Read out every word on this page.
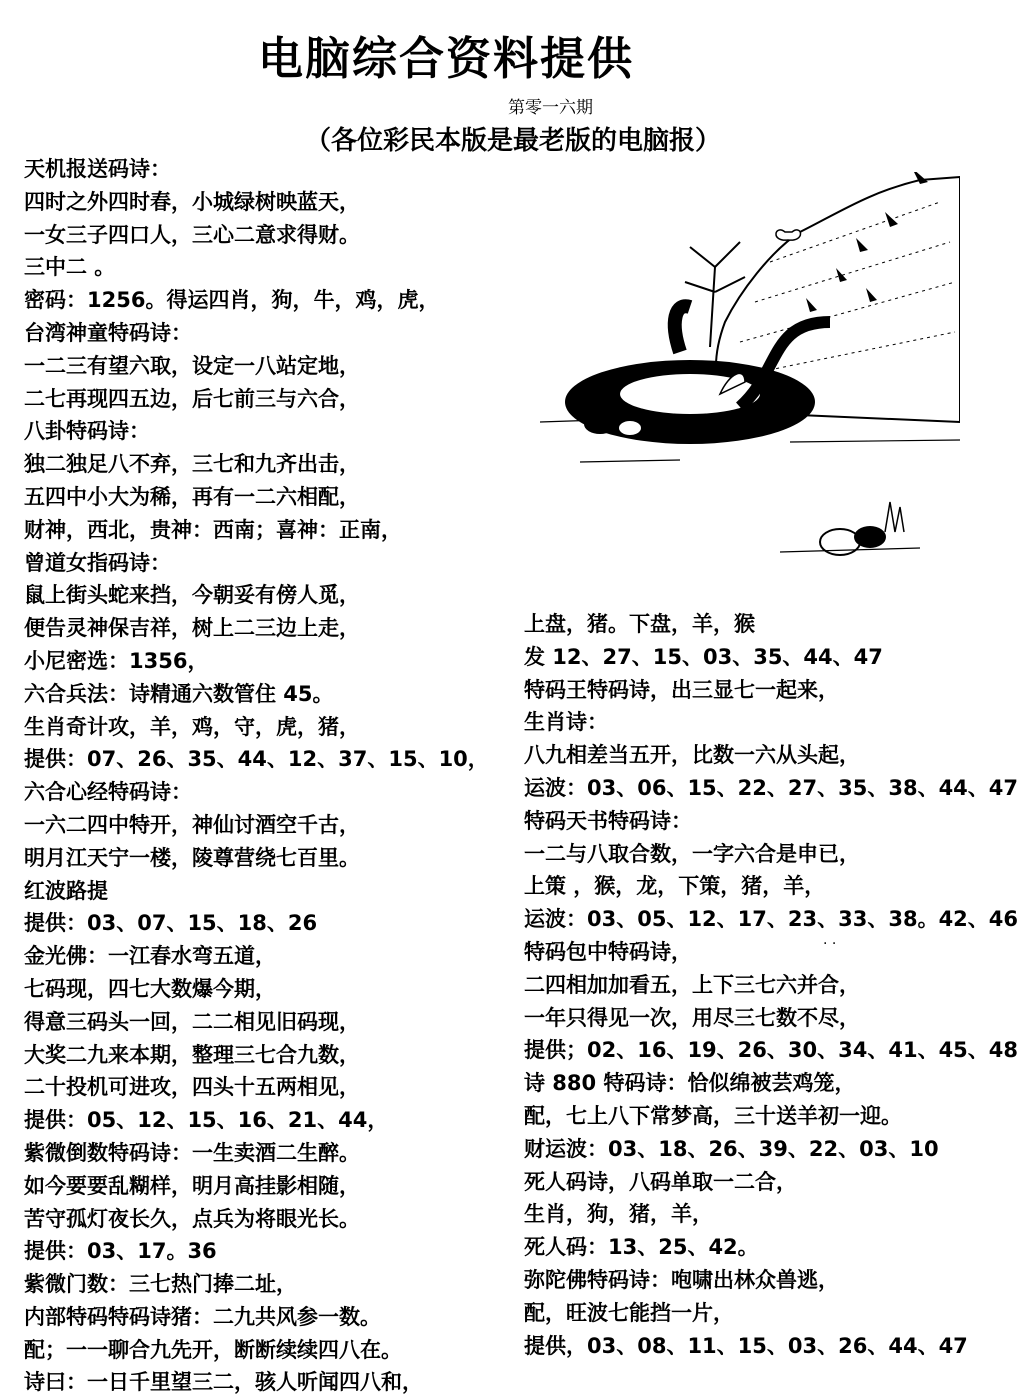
电脑综合资料提供
第零一六期
（各位彩民本版是最老版的电脑报）
天机报送码诗：
四时之外四时春，小城绿树映蓝天，
一女三子四口人，三心二意求得财。
三中二 。
密码：1256。得运四肖，狗，牛，鸡，虎，
台湾神童特码诗：
一二三有望六取，设定一八站定地，
二七再现四五边，后七前三与六合，
八卦特码诗：
独二独足八不弃，三七和九齐出击，
五四中小大为稀，再有一二六相配，
财神，西北，贵神：西南；喜神：正南，
曾道女指码诗：
鼠上街头蛇来挡，今朝妥有傍人觅，
便告灵神保吉祥，树上二三边上走，
小尼密选：1356，
六合兵法：诗精通六数管住 45。
生肖奇计攻，羊，鸡，守，虎，猪，
提供：07、26、35、44、12、37、15、10，
六合心经特码诗：
一六二四中特开，神仙讨酒空千古，
明月江天宁一楼，陵尊营绕七百里。
红波路提
提供：03、07、15、18、26
金光佛：一江春水弯五道，
七码现，四七大数爆今期，
得意三码头一回，二二相见旧码现，
大奖二九来本期，整理三七合九数，
二十投机可进攻，四头十五两相见，
提供：05、12、15、16、21、44，
紫微倒数特码诗：一生卖酒二生醉。
如今要要乱糊样，明月高挂影相随，
苦守孤灯夜长久，点兵为将眼光长。
提供：03、17。36
紫微门数：三七热门捧二址，
内部特码特码诗猪：二九共风参一数。
配；一一聊合九先开，断断续续四八在。
诗曰：一日千里望三二，骇人听闻四八和，
上盘，猪。下盘，羊，猴
发 12、27、15、03、35、44、47
特码王特码诗，出三显七一起来，
生肖诗：
八九相差当五开，比数一六从头起，
运波：03、06、15、22、27、35、38、44、47
特码天书特码诗：
一二与八取合数，一字六合是申已，
上策 ，猴，龙，下策，猪，羊，
运波：03、05、12、17、23、33、38。42、46
特码包中特码诗，
二四相加加看五，上下三七六并合，
一年只得见一次，用尽三七数不尽，
提供；02、16、19、26、30、34、41、45、48
诗 880 特码诗：恰似绵被芸鸡笼，
配，七上八下常梦高，三十送羊初一迎。
财运波：03、18、26、39、22、03、10
死人码诗，八码单取一二合，
生肖，狗，猪，羊，
死人码：13、25、42。
弥陀佛特码诗：咆啸出林众兽逃，
配，旺波七能挡一片，
提供，03、08、11、15、03、26、44、47
· ·
